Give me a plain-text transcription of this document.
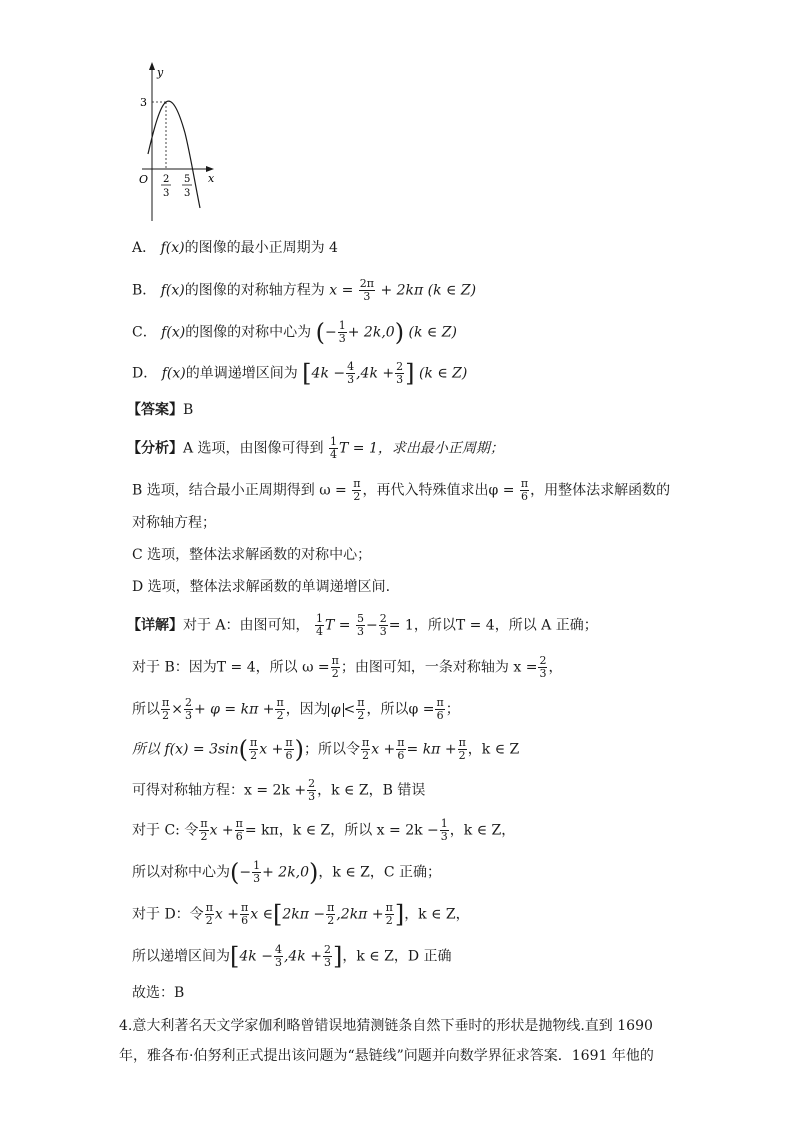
y
x
O
3
2
3
5
3
A． f(x)的图像的最小正周期为 4
B． f(x)的图像的对称轴方程为 $x = \frac{2\pi}{3} + 2k\pi$ (k ∈ Z)
C． f(x)的图像的对称中心为 (− $\frac{1}{3} + 2k,0$) (k ∈ Z)
D． f(x)的单调递增区间为 [$4k - \frac{4}{3} ,4k + \frac{2}{3}$ ] (k ∈ Z)
【答案】B
【分析】A 选项，由图像可得到 $\frac{1}{4}$ T = 1，求出最小正周期；
B 选项，结合最小正周期得到 $\omega = \frac{\pi}{2}$ ，再代入特殊值求出$\varphi = \frac{\pi}{6}$ ，用整体法求解函数的
对称轴方程；
C 选项，整体法求解函数的对称中心；
D 选项，整体法求解函数的单调递增区间.
【详解】对于 A：由图可知， $\frac{1}{4}$ $T = \frac{5}{3} - \frac{2}{3} = 1$，所以T = 4，所以 A 正确；
对于 B：因为T = 4，所以 $\omega = \frac{\pi}{2}$ ；由图可知，一条对称轴为 $x = \frac{2}{3}$ ，
所以 $\frac{\pi}{2} \times \frac{2}{3} + \varphi = k\pi + \frac{\pi}{2}$ ，因为 $\varphi < \frac{\pi}{2}$ ，所以$\varphi = \frac{\pi}{6}$ ；
所以 $f(x) = 3\sin( \frac{\pi}{2}$ $x + \frac{\pi}{6}$ )；所以令 $\frac{\pi}{2}$ $x + \frac{\pi}{6} = k\pi + \frac{\pi}{2}$ ，k ∈ Z
可得对称轴方程：$x = 2k + \frac{2}{3}$ ，k ∈ Z，B 错误
对于 C: 令 $\frac{\pi}{2}$ $x + \frac{\pi}{6} = k\pi$，k ∈ Z，所以 $x = 2k - \frac{1}{3}$ ，k ∈ Z，
所以对称中心为(− $\frac{1}{3} + 2k,0$)，k ∈ Z，C 正确；
对于 D：令 $\frac{\pi}{2}$ $x + \frac{\pi}{6}$ x ∈[2kπ − $\frac{\pi}{2} ,2k\pi + \frac{\pi}{2}$ ]，k ∈ Z，
所以递增区间为[$4k - \frac{4}{3} ,4k + \frac{2}{3}$ ]，k ∈ Z，D 正确
故选：B
4.意大利著名天文学家伽利略曾错误地猜测链条自然下垂时的形状是抛物线.直到 1690
年，雅各布·伯努利正式提出该问题为“悬链线”问题并向数学界征求答案．1691 年他的
